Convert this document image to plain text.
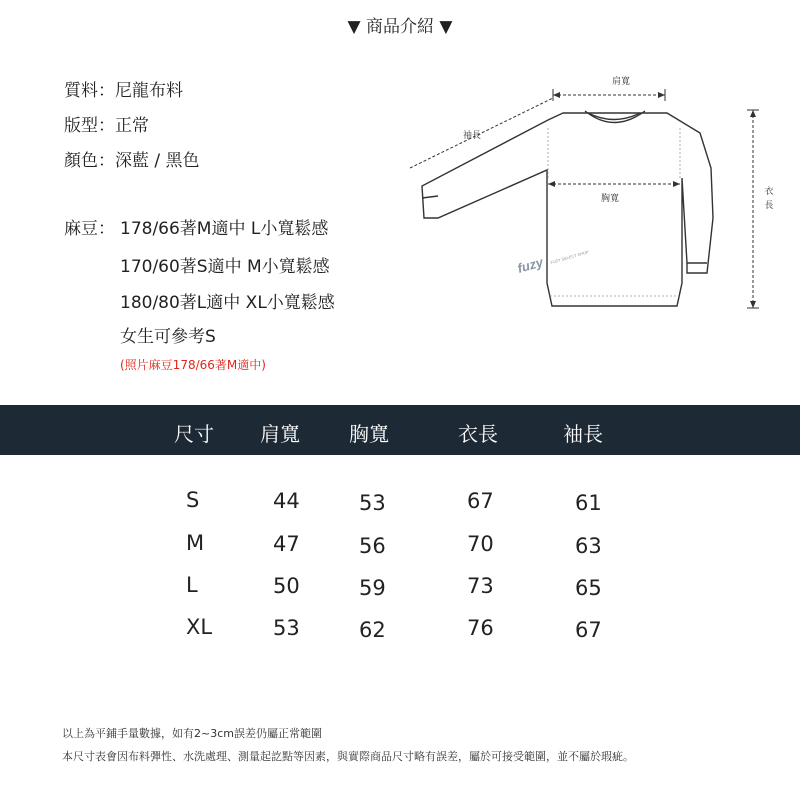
▼ 商品介紹 ▼
質料：尼龍布料
版型：正常
顏色：深藍 / 黑色
麻豆： 178/66著M適中 L小寬鬆感
170/60著S適中 M小寬鬆感
180/80著L適中 XL小寬鬆感
女生可參考S
(照片麻豆178/66著M適中)
肩寬
袖長
胸寬
衣
長
fuzy FUZY SELECT SHOP
尺寸 肩寬 胸寬	衣長	袖長
S	44	53	67	61
M	47	56	70	63
L	50	59	73	65
XL	53	62	76	67
以上為平鋪手量數據，如有2~3cm誤差仍屬正常範圍
本尺寸表會因布料彈性、水洗處理、測量起訖點等因素，與實際商品尺寸略有誤差，屬於可接受範圍，並不屬於瑕疵。
